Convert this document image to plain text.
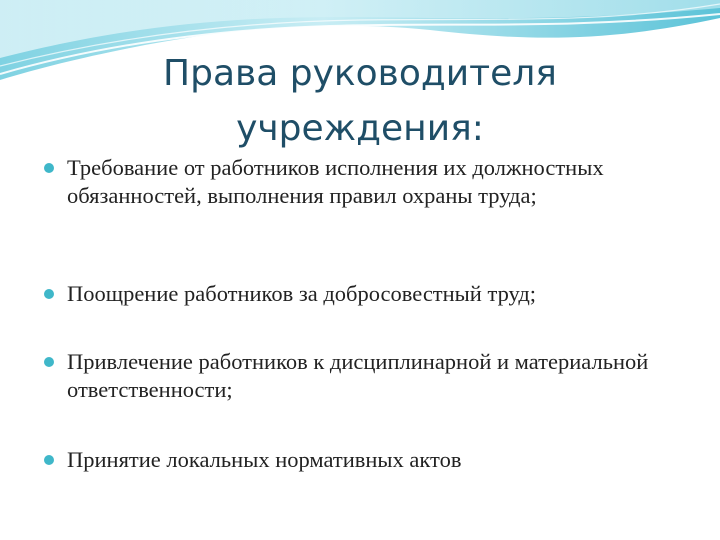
Права руководителя учреждения:
Требование от работников исполнения их должностных обязанностей, выполнения правил охраны труда;
Поощрение работников за добросовестный труд;
Привлечение работников к дисциплинарной и материальной ответственности;
Принятие локальных нормативных актов
